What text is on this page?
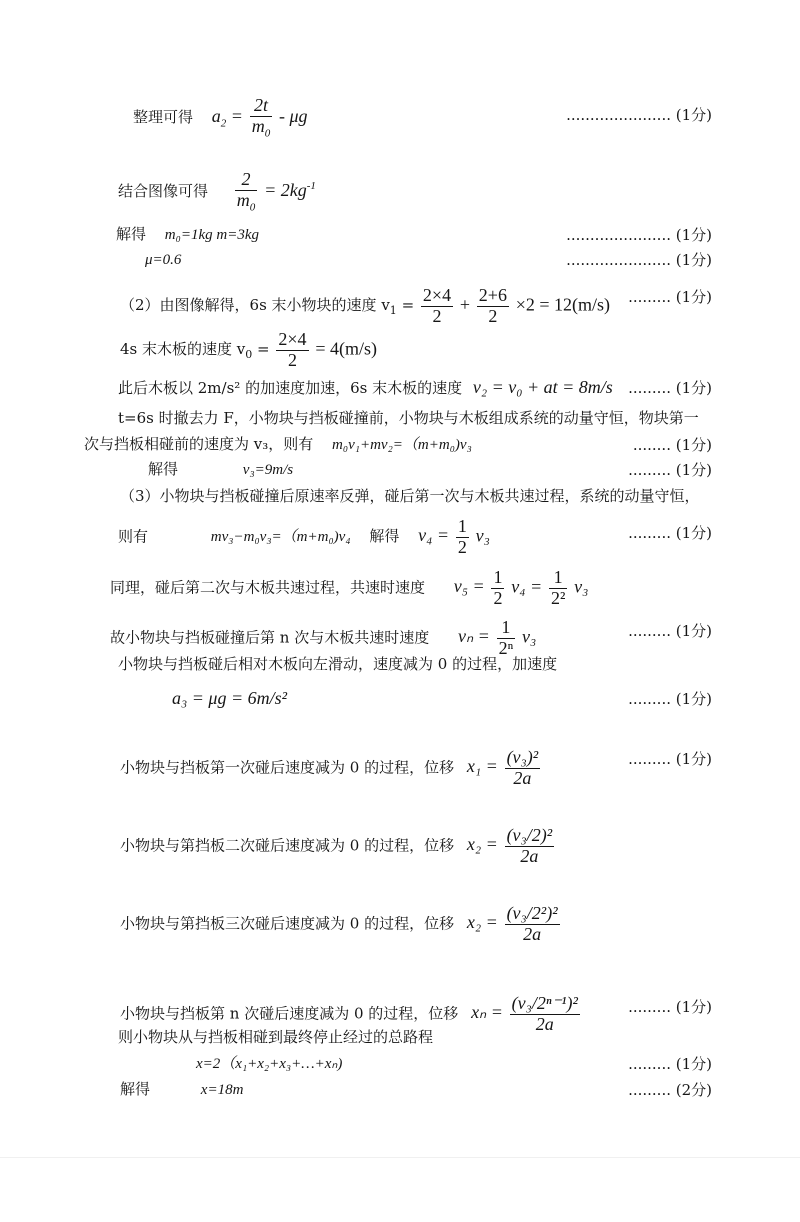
整理可得 $a_2 = \frac{2t}{m_0} - \mu g$	...................... (1分)
结合图像可得 $\frac{2}{m_0} = 2kg^{-1}$
解得 m₀=1kg m=3kg	...................... (1分)
μ=0.6	...................... (1分)
（2）由图像解得，6s 末小物块的速度 $v_1 = \frac{2\times 4}{2} + \frac{2+6}{2} \times 2 = 12(m/s)$ ......... (1分)
4s 末木板的速度 $v_0 = \frac{2\times 4}{2} = 4(m/s)$
此后木板以 2m/s² 的加速度加速，6s 末木板的速度 v₂ = v₀ + at = 8m/s ......... (1分)
t=6s 时撤去力 F，小物块与挡板碰撞前，小物块与木板组成系统的动量守恒，物块第一
次与挡板相碰前的速度为 v₃，则有 m₀v₁+mv₂=（m+m₀)v₃	........ (1分)
解得	v₃=9m/s	......... (1分)
（3）小物块与挡板碰撞后原速率反弹，碰后第一次与木板共速过程，系统的动量守恒，
则有	mv₃−m₀v₃=（m+m₀)v₄ 解得 $v_4 = \frac{1}{2} v_3$	......... (1分)
同理，碰后第二次与木板共速过程，共速时速度 $v_5 = \frac{1}{2} v_4 = \frac{1}{\text{2²}} v_3$
故小物块与挡板碰撞后第 n 次与木板共速时速度 $v_n = \frac{1}{\text{2ⁿ}} v_3$	......... (1分)
小物块与挡板碰后相对木板向左滑动，速度减为 0 的过程，加速度
a₃ = μg = 6m/s²	......... (1分)
小物块与挡板第一次碰后速度减为 0 的过程，位移 $x_1 = \frac{\text{(v₃)²}}{2a}$	......... (1分)
小物块与第挡板二次碰后速度减为 0 的过程，位移 $x_2 = \frac{\text{(v₃/2)²}}{2a}$
小物块与第挡板三次碰后速度减为 0 的过程，位移 $x_2 = \frac{\text{(v₃/2²)²}}{2a}$
小物块与挡板第 n 次碰后速度减为 0 的过程，位移 $x_n = \frac{\text{(v₃/2ⁿ⁻¹)²}}{2a}$	......... (1分)
则小物块从与挡板相碰到最终停止经过的总路程
x=2（x₁+x₂+x₃+…+xₙ)	......... (1分)
解得	x=18m	......... (2分)
